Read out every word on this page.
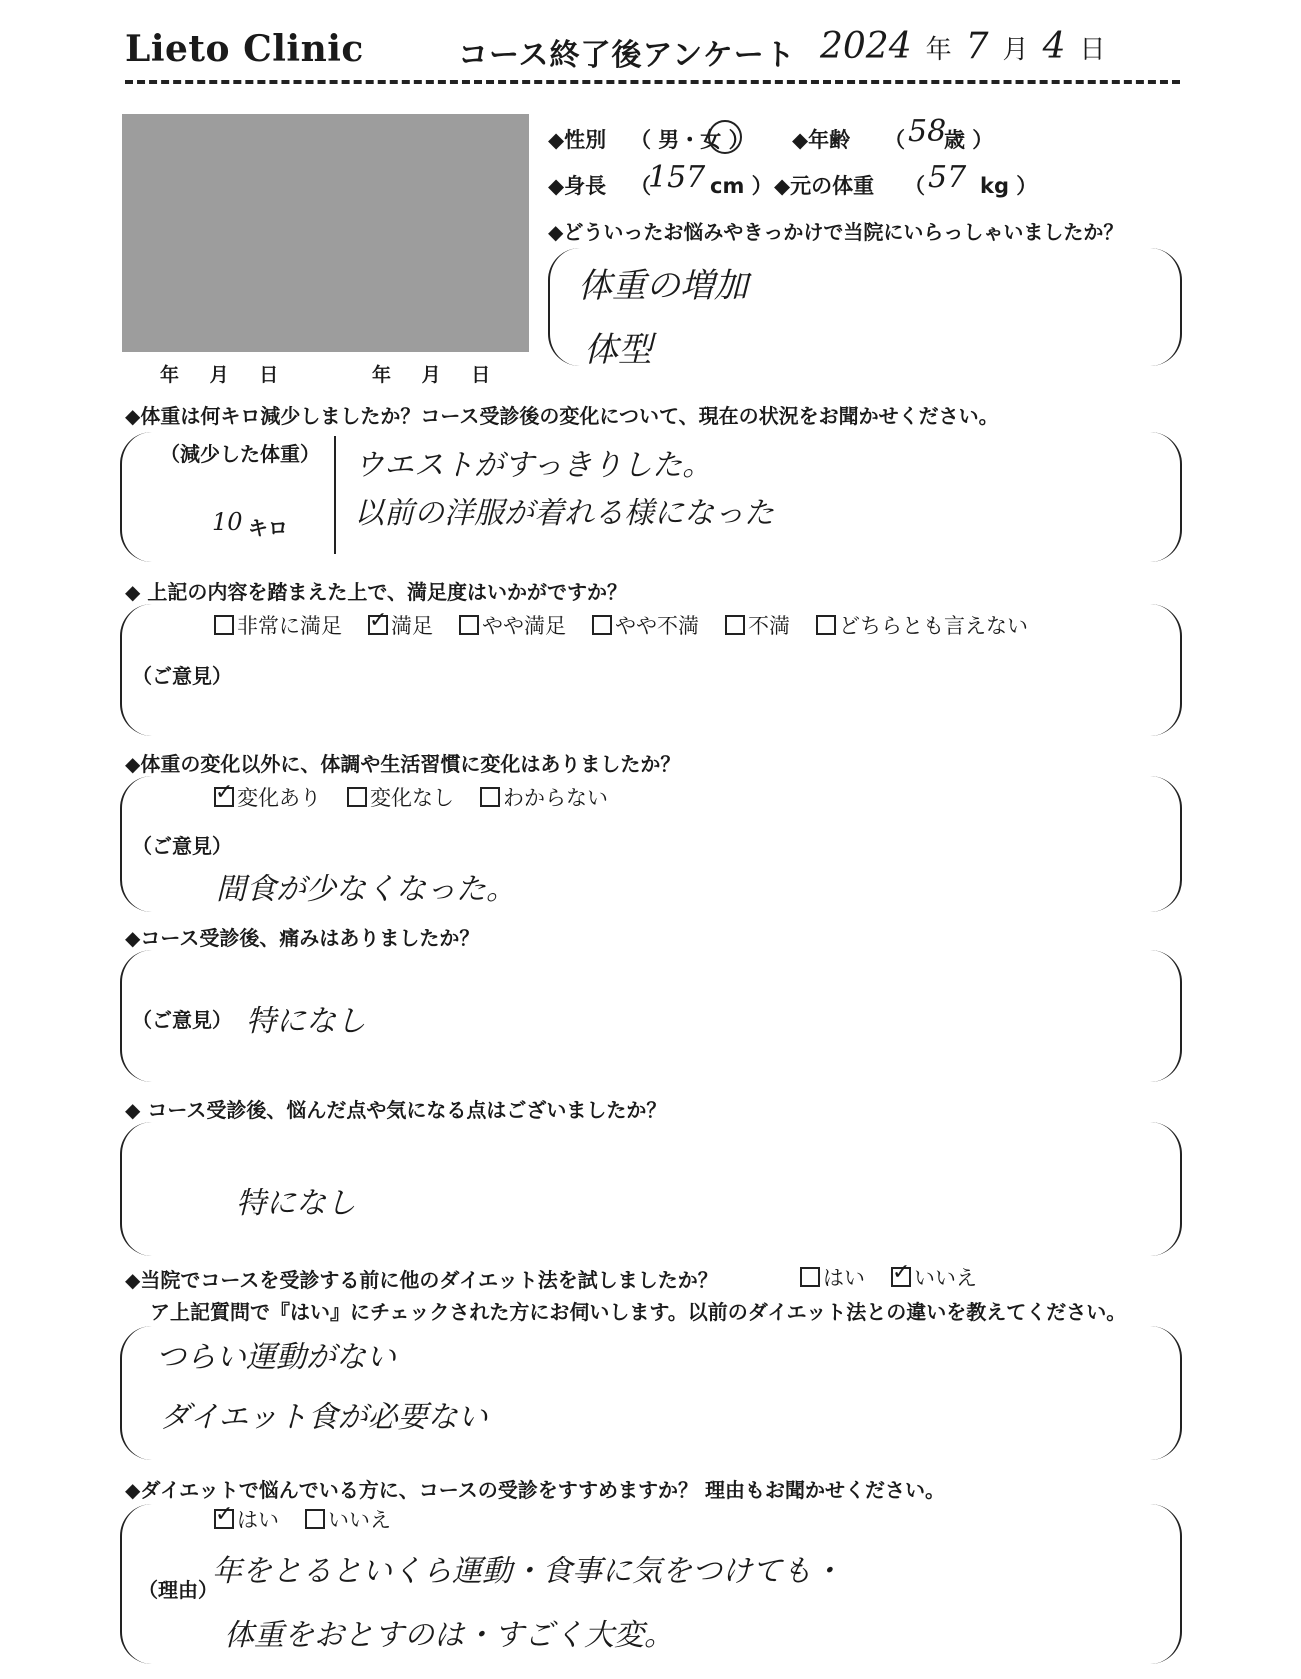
Lieto Clinic	コース終了後アンケート 2024 年 7 月 4 日
年 月 日	年 月 日
◆性別 （ 男・女 ） ◆年齢 （ 58
歳 ）
◆身長 （
157 cm ） ◆元の体重 （ 57 kg ）
◆どういったお悩みやきっかけで当院にいらっしゃいましたか？
体重の増加
体型
◆体重は何キロ減少しましたか？コース受診後の変化について、現在の状況をお聞かせください。
（減少した体重）
10 キロ
ウエストがすっきりした。
以前の洋服が着れる様になった
◆ 上記の内容を踏まえた上で、満足度はいかがですか？
非常に満足 ✓ 満足 やや満足 やや不満 不満 どちらとも言えない
（ご意見）
◆体重の変化以外に、体調や生活習慣に変化はありましたか？
✓変化あり 変化なし わからない
（ご意見）
間食が少なくなった。
◆コース受診後、痛みはありましたか？
（ご意見） 特になし
◆ コース受診後、悩んだ点や気になる点はございましたか？
特になし
◆当院でコースを受診する前に他のダイエット法を試しましたか？	はい ✓ いいえ
ア上記質問で『はい』にチェックされた方にお伺いします。以前のダイエット法との違いを教えてください。
つらい運動がない
ダイエット食が必要ない
◆ダイエットで悩んでいる方に、コースの受診をすすめますか？ 理由もお聞かせください。
✓はい いいえ
（理由）
年をとるといくら運動・食事に気をつけても・
体重をおとすのは・すごく大変。
